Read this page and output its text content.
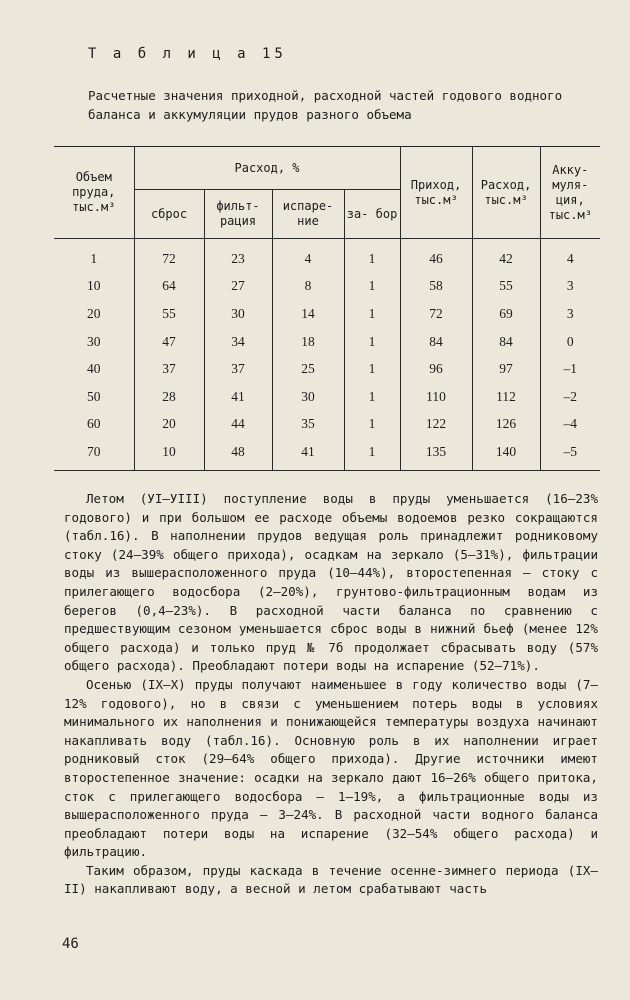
Т а б л и ц а 15
Расчетные значения приходной, расходной частей годового водного баланса и аккумуляции прудов разного объема
Объем пруда, тыс.м³	Расход, %				Приход, тыс.м³	Расход, тыс.м³	Акку- муля- ция, тыс.м³
	сброс	фильт- рация	испаре- ние	за- бор			
1	72	23	4	1	46	42	4
10	64	27	8	1	58	55	3
20	55	30	14	1	72	69	3
30	47	34	18	1	84	84	0
40	37	37	25	1	96	97	–1
50	28	41	30	1	110	112	–2
60	20	44	35	1	122	126	–4
70	10	48	41	1	135	140	–5

Летом (УI–УIII) поступление воды в пруды уменьшается (16–23% годового) и при большом ее расходе объемы водоемов резко сокращаются (табл.16). В наполнении прудов ведущая роль принадлежит родниковому стоку (24–39% общего прихода), осадкам на зеркало (5–31%), фильтрации воды из вышерасположенного пруда (10–44%), второстепенная – стоку с прилегающего водосбора (2–20%), грунтово-фильтрационным водам из берегов (0,4–23%). В расходной части баланса по сравнению с предшествующим сезоном уменьшается сброс воды в нижний бьеф (менее 12% общего расхода) и только пруд № 7б продолжает сбрасывать воду (57% общего расхода). Преобладают потери воды на испарение (52–71%).

Осенью (IX–X) пруды получают наименьшее в году количество воды (7–12% годового), но в связи с уменьшением потерь воды в условиях минимального их наполнения и понижающейся температуры воздуха начинают накапливать воду (табл.16). Основную роль в их наполнении играет родниковый сток (29–64% общего прихода). Другие источники имеют второстепенное значение: осадки на зеркало дают 16–26% общего притока, сток с прилегающего водосбора – 1–19%, а фильтрационные воды из вышерасположенного пруда – 3–24%. В расходной части водного баланса преобладают потери воды на испарение (32–54% общего расхода) и фильтрацию.

Таким образом, пруды каскада в течение осенне-зимнего периода (IX–II) накапливают воду, а весной и летом срабатывают часть

46
